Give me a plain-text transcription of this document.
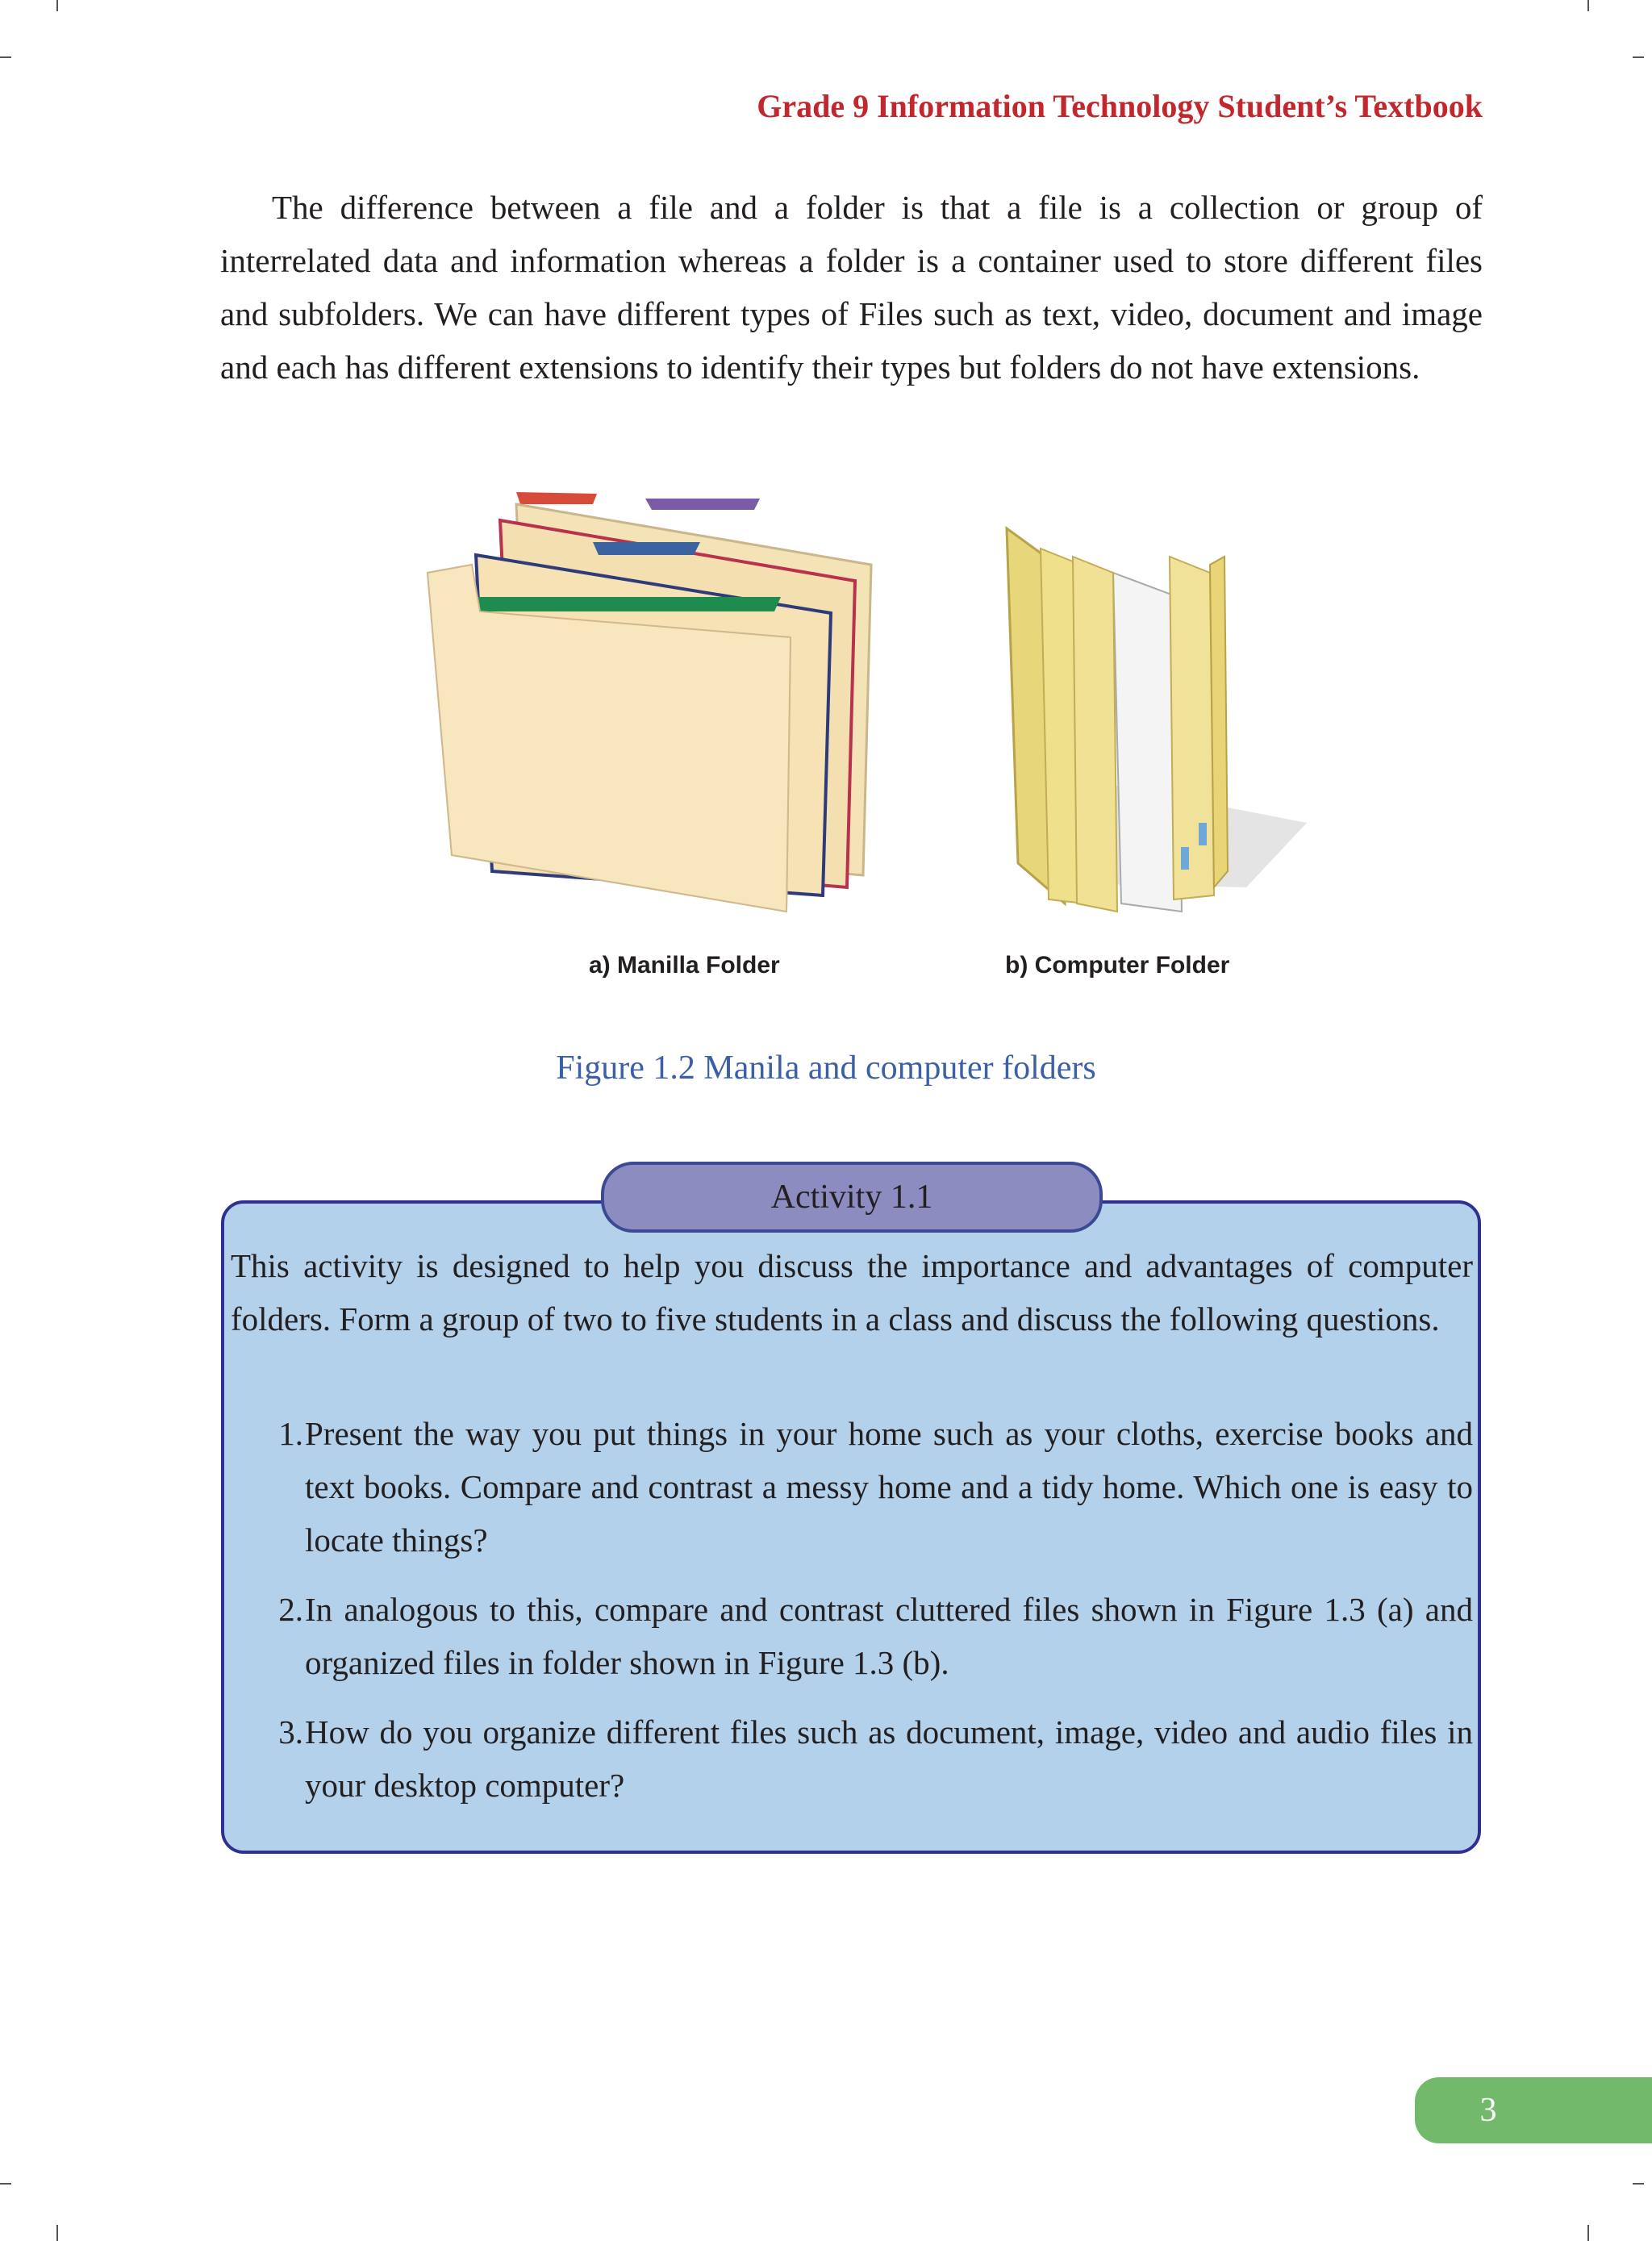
Grade 9 Information Technology Student’s Textbook

The difference between a file and a folder is that a file is a collection or group of interrelated data and information whereas a folder is a container used to store different files and subfolders. We can have different types of Files such as text, video, document and image and each has different extensions to identify their types but folders do not have extensions.

a) Manilla Folder	b) Computer Folder
Figure 1.2 Manila and computer folders
Activity 1.1

This activity is designed to help you discuss the importance and advantages of computer folders. Form a group of two to five students in a class and discuss the following questions.

1. Present the way you put things in your home such as your cloths, exercise books and text books. Compare and contrast a messy home and a tidy home. Which one is easy to locate things?
2. In analogous to this, compare and contrast cluttered files shown in Figure 1.3 (a) and organized files in folder shown in Figure 1.3 (b).
3. How do you organize different files such as document, image, video and audio files in your desktop computer?
3
